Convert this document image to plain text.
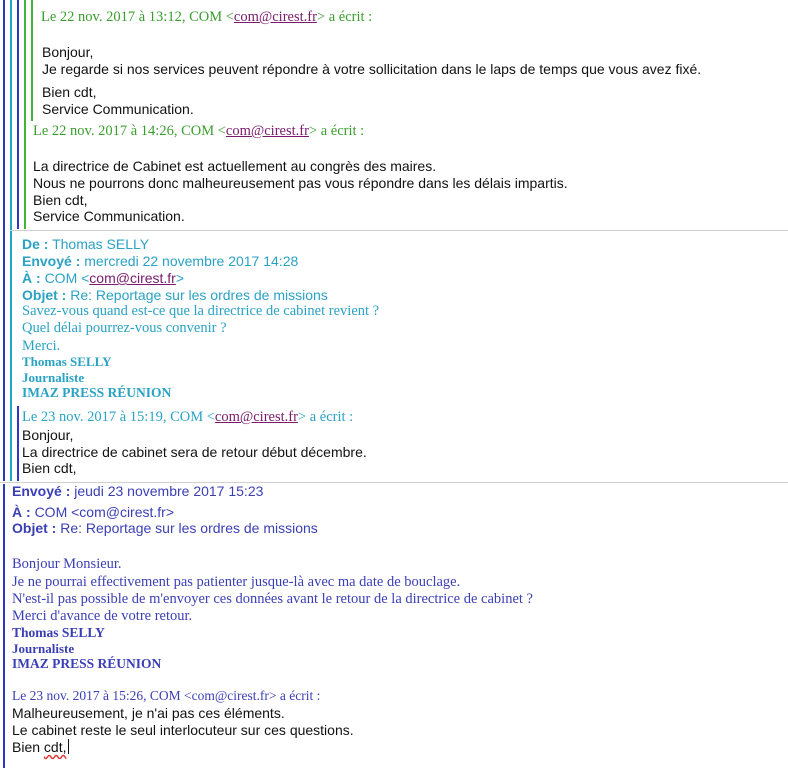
Le 22 nov. 2017 à 13:12, COM <com@cirest.fr> a écrit :
Bonjour,
Je regarde si nos services peuvent répondre à votre sollicitation dans le laps de temps que vous avez fixé.
Bien cdt,
Service Communication.
Le 22 nov. 2017 à 14:26, COM <com@cirest.fr> a écrit :
La directrice de Cabinet est actuellement au congrès des maires.
Nous ne pourrons donc malheureusement pas vous répondre dans les délais impartis.
Bien cdt,
Service Communication.
De : Thomas SELLY
Envoyé : mercredi 22 novembre 2017 14:28
À : COM <com@cirest.fr>
Objet : Re: Reportage sur les ordres de missions
Savez-vous quand est-ce que la directrice de cabinet revient ?
Quel délai pourrez-vous convenir ?
Merci.
Thomas SELLY
Journaliste
IMAZ PRESS RÉUNION
Le 23 nov. 2017 à 15:19, COM <com@cirest.fr> a écrit :
Bonjour,
La directrice de cabinet sera de retour début décembre.
Bien cdt,
Envoyé : jeudi 23 novembre 2017 15:23
À : COM <com@cirest.fr>
Objet : Re: Reportage sur les ordres de missions
Bonjour Monsieur.
Je ne pourrai effectivement pas patienter jusque-là avec ma date de bouclage.
N'est-il pas possible de m'envoyer ces données avant le retour de la directrice de cabinet ?
Merci d'avance de votre retour.
Thomas SELLY
Journaliste
IMAZ PRESS RÉUNION
Le 23 nov. 2017 à 15:26, COM <com@cirest.fr> a écrit :
Malheureusement, je n'ai pas ces éléments.
Le cabinet reste le seul interlocuteur sur ces questions.
Bien cdt,
